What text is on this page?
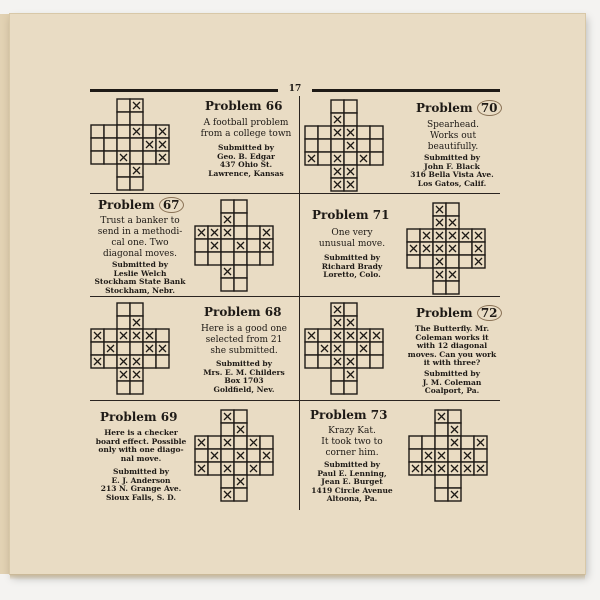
17
Problem 66
A football problem
from a college town
Submitted by
Geo. B. Edgar
437 Ohio St.
Lawrence, Kansas
Problem 70
Spearhead.
Works out
beautifully.
Submitted by
John F. Black
316 Bella Vista Ave.
Los Gatos, Calif.
Problem 67
Trust a banker to
send in a methodi-
cal one. Two
diagonal moves.
Submitted by
Leslie Welch
Stockham State Bank
Stockham, Nebr.
Problem 71
One very
unusual move.
Submitted by
Richard Brady
Loretto, Colo.
Problem 68
Here is a good one
selected from 21
she submitted.
Submitted by
Mrs. E. M. Childers
Box 1703
Goldfield, Nev.
Problem 72
The Butterfly. Mr.
Coleman works it
with 12 diagonal
moves. Can you work
it with three?
Submitted by
J. M. Coleman
Coalport, Pa.
Problem 69
Here is a checker
board effect. Possible
only with one diago-
nal move.
Submitted by
E. J. Anderson
213 N. Grange Ave.
Sioux Falls, S. D.
Problem 73
Krazy Kat.
It took two to
corner him.
Submitted by
Paul E. Lenning,
Jean E. Burget
1419 Circle Avenue
Altoona, Pa.
